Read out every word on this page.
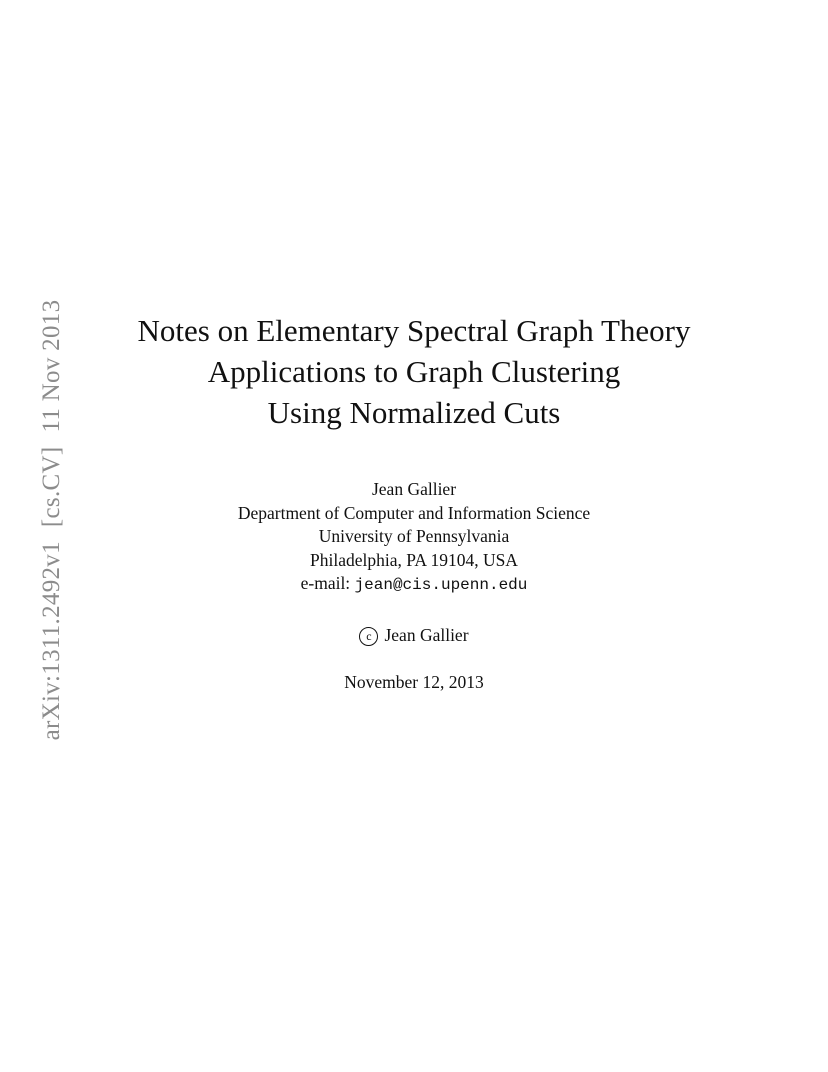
arXiv:1311.2492v1[cs.CV]11 Nov 2013	Notes on Elementary Spectral Graph Theory
Applications to Graph Clustering
Using Normalized Cuts
Jean Gallier
Department of Computer and Information Science
University of Pennsylvania
Philadelphia, PA 19104, USA
e-mail: jean@cis.upenn.edu
c Jean Gallier
November 12, 2013
